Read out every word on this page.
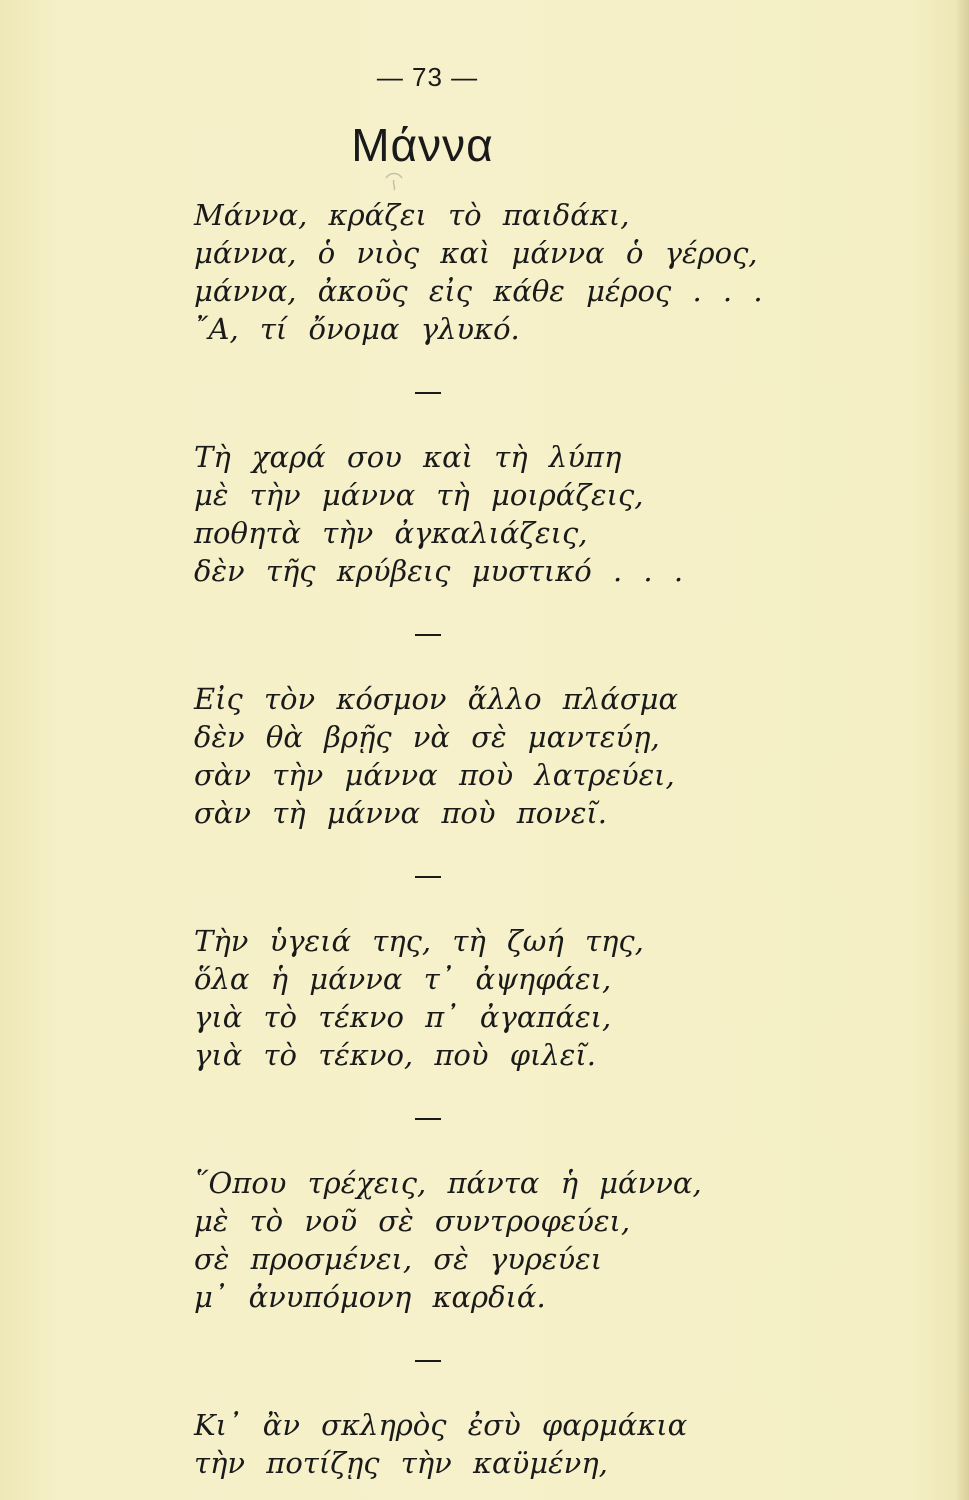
— 73 —
Μάννα
Μάννα, κράζει τὸ παιδάκι,
μάννα, ὁ νιὸς καὶ μάννα ὁ γέρος,
μάννα, ἀκοῦς εἰς κάθε μέρος . . .
῎Α, τί ὄνομα γλυκό.
Τὴ χαρά σου καὶ τὴ λύπη
μὲ τὴν μάννα τὴ μοιράζεις,
ποθητὰ τὴν ἀγκαλιάζεις,
δὲν τῆς κρύβεις μυστικό . . .
Εἰς τὸν κόσμον ἄλλο πλάσμα
δὲν θὰ βρῇς νὰ σὲ μαντεύῃ,
σὰν τὴν μάννα ποὺ λατρεύει,
σὰν τὴ μάννα ποὺ πονεῖ.
Τὴν ὑγειά της, τὴ ζωή της,
ὅλα ἡ μάννα τ᾿ ἀψηφάει,
γιὰ τὸ τέκνο π᾿ ἀγαπάει,
γιὰ τὸ τέκνο, ποὺ φιλεῖ.
῞Οπου τρέχεις, πάντα ἡ μάννα,
μὲ τὸ νοῦ σὲ συντροφεύει,
σὲ προσμένει, σὲ γυρεύει
μ᾿ ἀνυπόμονη καρδιά.
Κι᾿ ἂν σκληρὸς ἐσὺ φαρμάκια
τὴν ποτίζῃς τὴν καϋμένη,
